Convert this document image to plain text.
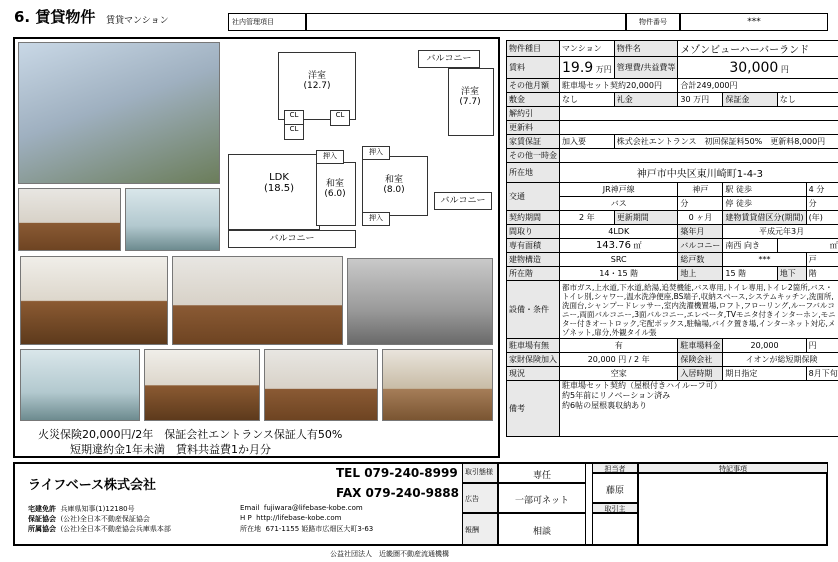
6. 賃貸物件 賃貸マンション	社内管理項目	物件番号	***
洋室
(12.7)
CL
CL
CL
LDK
(18.5)	和室
(6.0)
押入
バルコニー
バルコニー
洋室
(7.7)
和室
(8.0)
押入
押入
バルコニー
火災保険20,000円/2年　保証会社エントランス保証人有50%
短期違約金1年未満　賃料共益費1か月分
物件種目	マンション	物件名	メゾンビューハーバーランド			
賃料	19.9 万円	管理費/共益費等	30,000 円			
その他月額	駐車場セット契約20,000円		合計249,000円			
敷金	なし	礼金	30 万円	保証金	なし	
解約引						
更新料						
家賃保証	加入要	株式会社エントランス　初回保証料50%　更新料8,000円				
その他一時金						
所在地	神戸市中央区東川崎町1-4-3					
交通	JR神戸線		神戸	駅 徒歩		4 分
	バス		分	停 徒歩		分
契約期間	2 年	更新期間	0 ヶ月	建物賃貸借区分(期間)		(年)
間取り	4LDK		築年月	平成元年3月		
専有面積	143.76 ㎡		バルコニー	南西 向き	㎡	
建物構造	SRC		総戸数	***		戸
所在階	14・15 階		地上	15 階	地下	階
設備・条件	都市ガス,上水道,下水道,給湯,追焚機能,バス専用,トイレ専用,トイレ2箇所,バス・トイレ別,シャワー,温水洗浄便座,BS端子,収納スペース,システムキッチン,洗面所,洗面台,シャンプードレッサー,室内洗濯機置場,ロフト,フローリング,ルーフバルコニー,両面バルコニー,3面バルコニー,エレベータ,TVモニタ付きインターホン,モニター付きオートロック,宅配ボックス,駐輪場,バイク置き場,インターネット対応,メゾネット,扉分,外観タイル張					
駐車場有無	有		駐車場料金	20,000		円
家財保険加入	20,000 円 / 2 年		保険会社	イオンが総短期保険		
現況	空家		入居時期	期日指定		8月下旬
備考	駐車場セット契約（屋根付きハイルーフ可）
約5年前にリノベーション済み
約6帖の屋根裏収納あり					
ライフベース株式会社
TEL 079-240-8999
FAX 079-240-9888
宅建免許 兵庫県知事(1)12180号
保証協会 (公社)全日本不動産保証協会
所属協会 (公社)全日本不動産協会兵庫県本部
Email fujiwara@lifebase-kobe.com
H P http://lifebase-kobe.com
所在地 671-1155 姫路市広畑区大町3-63
取引態様	専任
広告	一部可ネット
報酬	相談
担当者
藤原
取引主
特記事項
公益社団法人　近畿圏不動産流通機構
